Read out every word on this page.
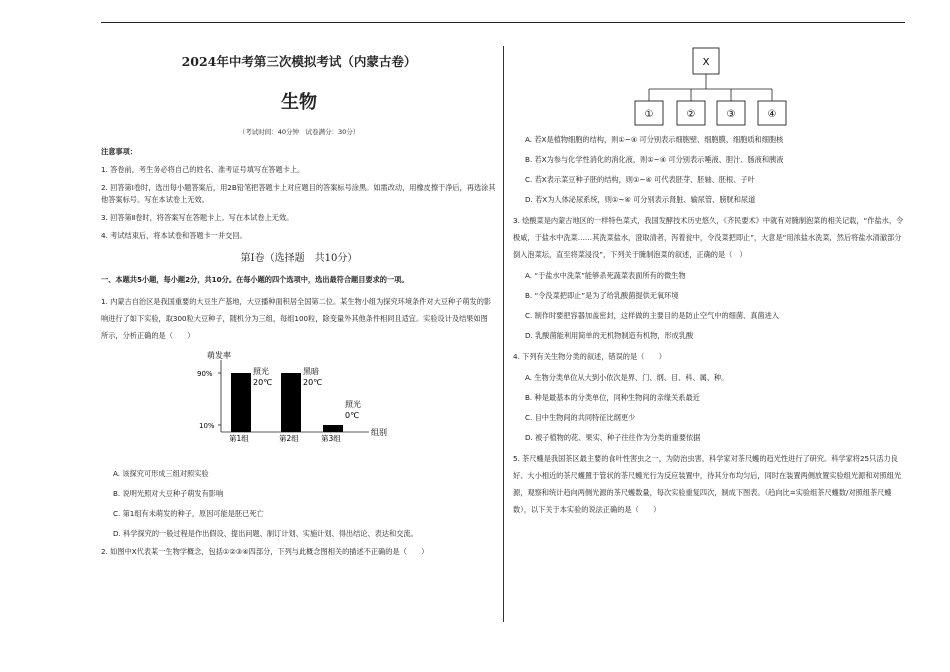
2024年中考第三次模拟考试（内蒙古卷）
生物
（考试时间：40分钟　试卷满分：30分）
注意事项：
1. 答卷前，考生务必将自己的姓名、准考证号填写在答题卡上。
2. 回答第Ⅰ卷时，选出每小题答案后，用2B铅笔把答题卡上对应题目的答案标号涂黑。如需改动，用橡皮擦干净后，再选涂其他答案标号。写在本试卷上无效。
3. 回答第Ⅱ卷时，将答案写在答题卡上。写在本试卷上无效。
4. 考试结束后，将本试卷和答题卡一并交回。
第Ⅰ卷（选择题　共10分）
一、本题共5小题，每小题2分，共10分。在每小题的四个选项中，选出最符合题目要求的一项。
1. 内蒙古自治区是我国重要的大豆生产基地，大豆播种面积居全国第二位。某生物小组为探究环境条件对大豆种子萌发的影响进行了如下实验，取300粒大豆种子，随机分为三组，每组100粒，除变量外其他条件相同且适宜。实验设计及结果如图 所示，分析正确的是（　　）
萌发率
组别
90%
10%
第1组
照光
20℃
第2组
黑暗
20℃
第3组
照光
0℃
A. 该探究可形成三组对照实验
B. 说明光照对大豆种子萌发有影响
C. 第1组有未萌发的种子，原因可能是胚已死亡
D. 科学探究的一般过程是作出假设、提出问题、制订计划、实施计划、得出结论、表达和交流。
2. 如图中X代表某一生物学概念，包括①②③④四部分，下列与此概念图相关的描述不正确的是（　　）
X
①	②	③	④
A. 若X是植物细胞的结构，则①~④ 可分别表示细胞壁、细胞膜、细胞质和细胞核
B. 若X为参与化学性消化的消化液，则①~④ 可分别表示唾液、胆汁、肠液和胰液
C. 若X表示菜豆种子胚的结构，则①~④ 可代表胚芽、胚轴、胚根、子叶
D. 若X为人体泌尿系统，则①~④ 可分别表示肾脏、输尿管、膀胱和尿道
3. 烩酸菜是内蒙古地区的一样特色菜式，我国发酵技术历史悠久，《齐民要术》中就有对腌制泡菜的相关记载，“作盐水，令 极咸，于盐水中洗菜……其洗菜盐水，澄取清者，泻着瓮中，令没菜把即止”，大意是“用浓盐水洗菜，然后将盐水清澈部分倒入泡菜坛，直至将菜浸没”，下列关于腌制泡菜的叙述，正确的是（　）
A. “于盐水中洗菜”能够杀死蔬菜表面所有的微生物
B. “令没菜把即止”是为了给乳酸菌提供无氧环境
C. 制作时要把容器加盖密封，这样做的主要目的是防止空气中的细菌、真菌进入
D. 乳酸菌能利用简单的无机物制造有机物，形成乳酸
4. 下列有关生物分类的叙述，错误的是（　　）
A. 生物分类单位从大到小依次是界、门、纲、目、科、属、种。
B. 种是最基本的分类单位，同种生物间的亲缘关系最近
C. 目中生物间的共同特征比纲更少
D. 被子植物的花、果实、种子往往作为分类的重要依据
5. 茶尺蠖是我国茶区最主要的食叶性害虫之一，为防治虫害，科学家对茶尺蠖的趋光性进行了研究。科学家将25只活力良好、大小相近的茶尺蠖置于管状的茶尺蠖光行为反应装置中，待其分布均匀后，同时在装置两侧放置实验组光源和对照组光源，观察和统计趋向两侧光源的茶尺蠖数量，每次实验重复四次，制成下图表。（趋向比=实验组茶尺蠖数/对照组茶尺蠖数），以下关于本实验的说法正确的是（　　）
